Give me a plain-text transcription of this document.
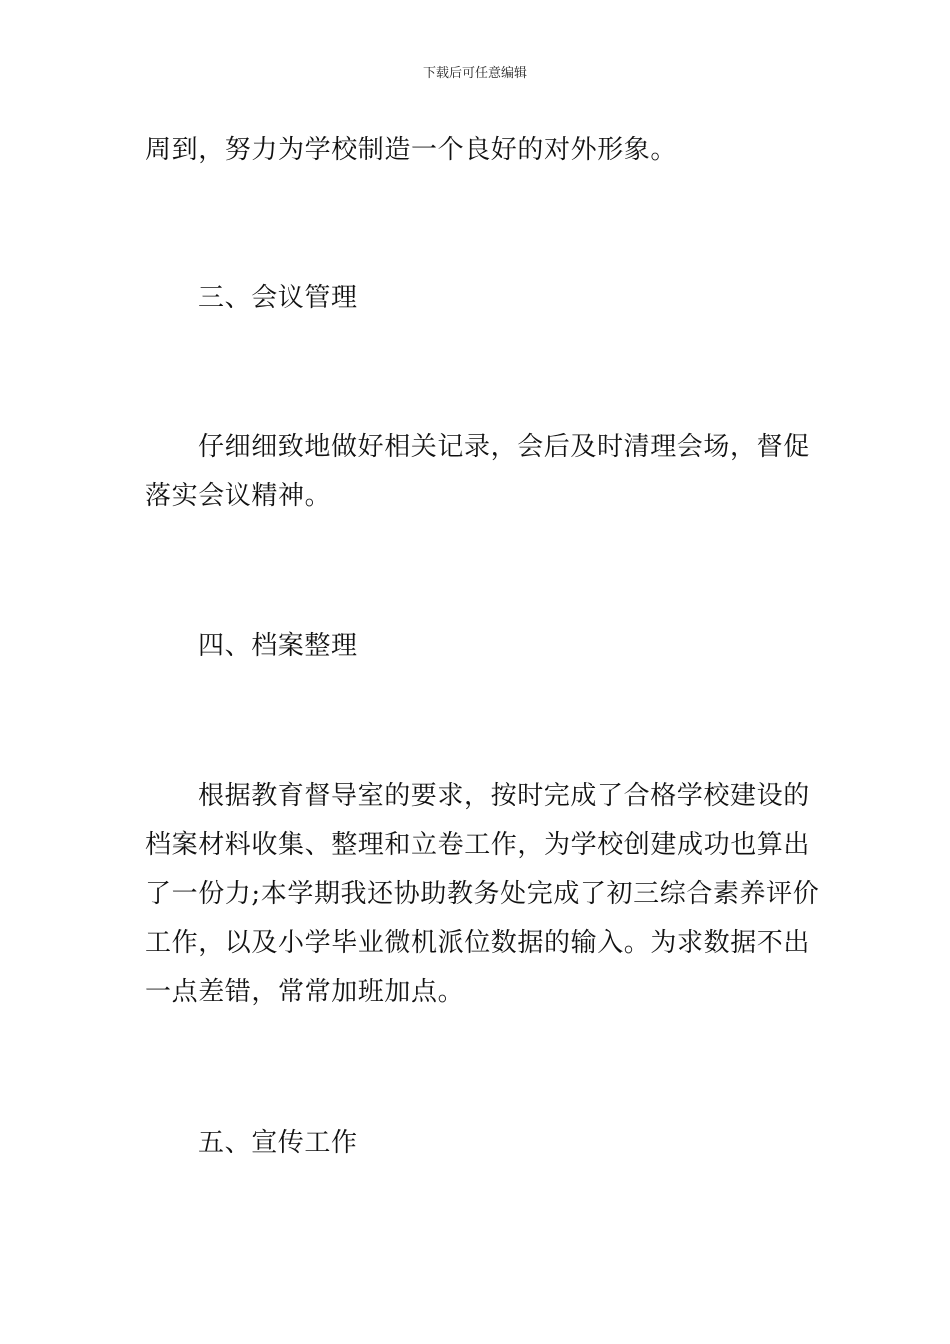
下载后可任意编辑
周到，努力为学校制造一个良好的对外形象。
三、会议管理
仔细细致地做好相关记录，会后及时清理会场，督促
落实会议精神。
四、档案整理
根据教育督导室的要求，按时完成了合格学校建设的
档案材料收集、整理和立卷工作，为学校创建成功也算出
了一份力;本学期我还协助教务处完成了初三综合素养评价
工作，以及小学毕业微机派位数据的输入。为求数据不出
一点差错，常常加班加点。
五、宣传工作
